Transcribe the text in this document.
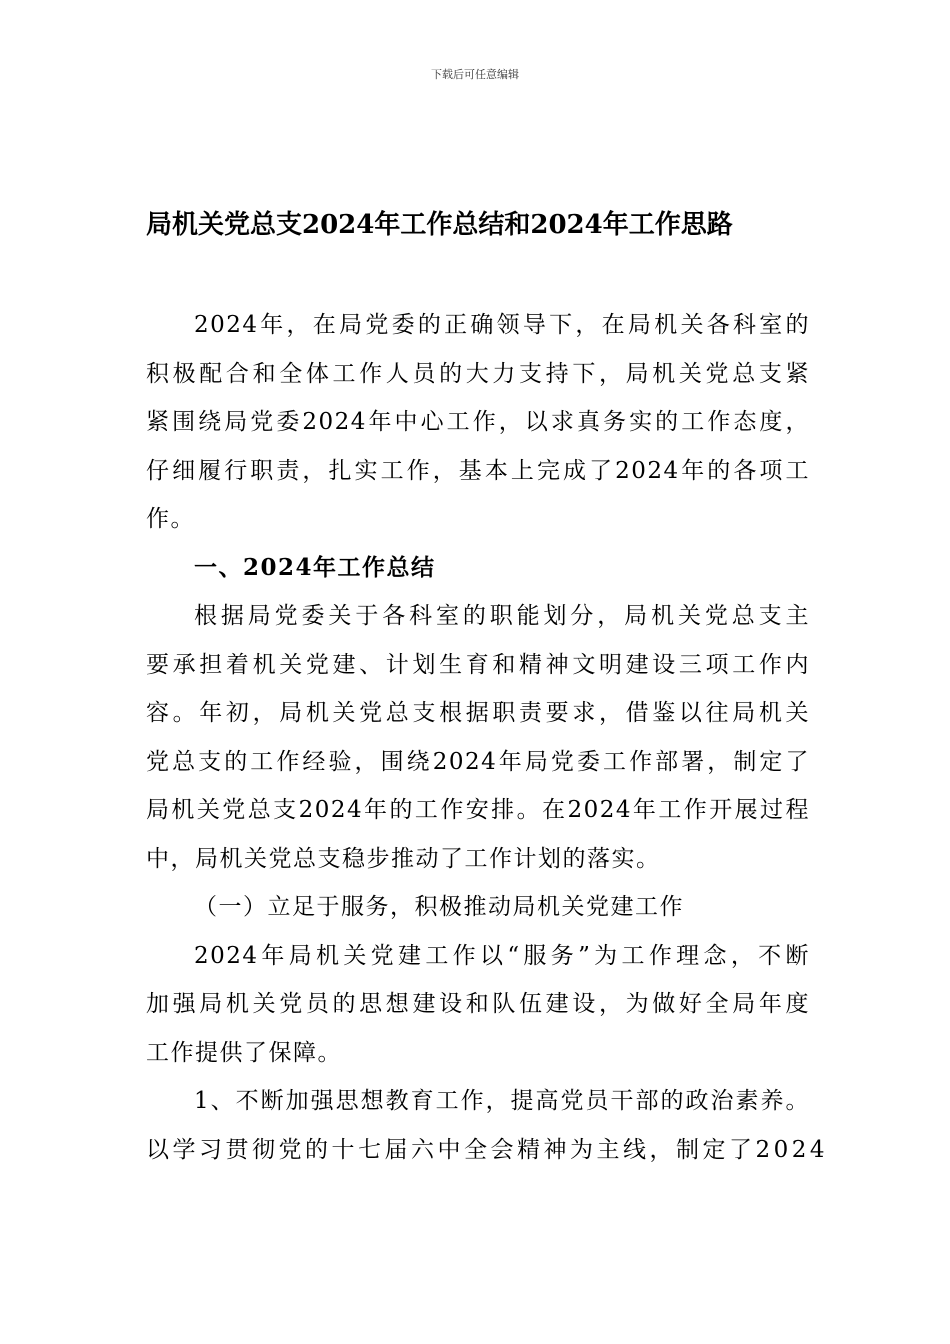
下载后可任意编辑
局机关党总支2024年工作总结和2024年工作思路
2024年，在局党委的正确领导下，在局机关各科室的
积极配合和全体工作人员的大力支持下，局机关党总支紧
紧围绕局党委2024年中心工作，以求真务实的工作态度，
仔细履行职责，扎实工作，基本上完成了2024年的各项工
作。
一、2024年工作总结
根据局党委关于各科室的职能划分，局机关党总支主
要承担着机关党建、计划生育和精神文明建设三项工作内
容。年初，局机关党总支根据职责要求，借鉴以往局机关
党总支的工作经验，围绕2024年局党委工作部署，制定了
局机关党总支2024年的工作安排。在2024年工作开展过程
中，局机关党总支稳步推动了工作计划的落实。
（一）立足于服务，积极推动局机关党建工作
2024年局机关党建工作以“服务”为工作理念，不断
加强局机关党员的思想建设和队伍建设，为做好全局年度
工作提供了保障。
1、不断加强思想教育工作，提高党员干部的政治素养。
以学习贯彻党的十七届六中全会精神为主线，制定了2024
